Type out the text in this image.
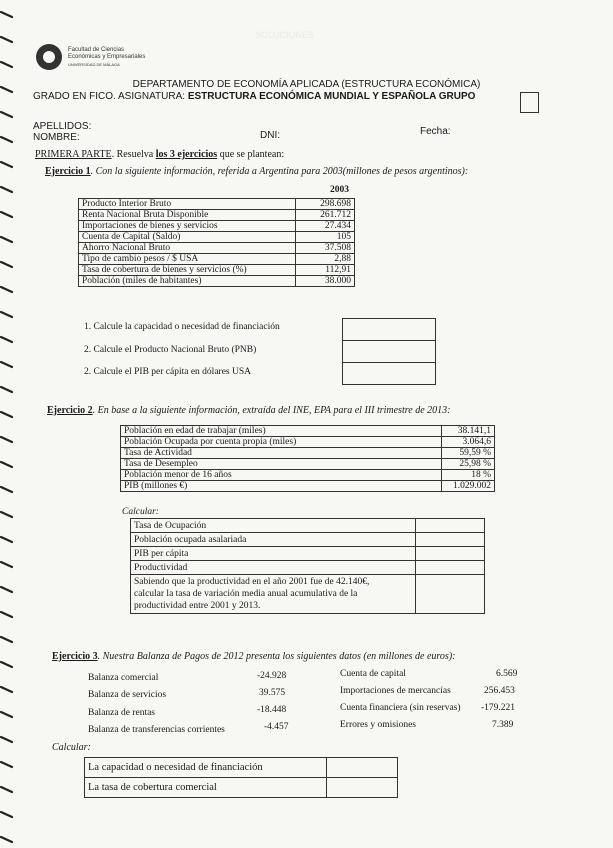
SOLUCIONES
Facultad de Ciencias
Económicas y Empresariales
UNIVERSIDAD DE MÁLAGA
DEPARTAMENTO DE ECONOMÍA APLICADA (ESTRUCTURA ECONÓMICA)
GRADO EN FICO. ASIGNATURA: ESTRUCTURA ECONÓMICA MUNDIAL Y ESPAÑOLA GRUPO
APELLIDOS:
NOMBRE:	DNI:	Fecha:
PRIMERA PARTE. Resuelva los 3 ejercicios que se plantean:
Ejercicio 1. Con la siguiente información, referida a Argentina para 2003(millones de pesos argentinos):
2003
Producto Interior Bruto	298.698
Renta Nacional Bruta Disponible	261.712
Importaciones de bienes y servicios	27.434
Cuenta de Capital (Saldo)	105
Ahorro Nacional Bruto	37.508
Tipo de cambio pesos / $ USA	2,88
Tasa de cobertura de bienes y servicios (%)	112,91
Población (miles de habitantes)	38.000
1. Calcule la capacidad o necesidad de financiación
2. Calcule el Producto Nacional Bruto (PNB)
2. Calcule el PIB per cápita en dólares USA
Ejercicio 2. En base a la siguiente información, extraída del INE, EPA para el III trimestre de 2013:
Población en edad de trabajar (miles)	38.141,1
Población Ocupada por cuenta propia (miles)	3.064,6
Tasa de Actividad	59,59 %
Tasa de Desempleo	25,98 %
Población menor de 16 años	18 %
PIB (millones €)	1.029.002
Calcular:
Tasa de Ocupación	
Población ocupada asalariada	
PIB per cápita	
Productividad	

Sabiendo que la productividad en el año 2001 fue de 42.140€,
calcular la tasa de variación media anual acumulativa de la
productividad entre 2001 y 2013.	

Ejercicio 3. Nuestra Balanza de Pagos de 2012 presenta los siguientes datos (en millones de euros):
Balanza comercial	-24.928
Balanza de servicios	39.575
Balanza de rentas	-18.448
Balanza de transferencias corrientes	-4.457
Cuenta de capital	6.569
Importaciones de mercancías	256.453
Cuenta financiera (sin reservas) -179.221
Errores y omisiones	7.389
Calcular:
La capacidad o necesidad de financiación	
La tasa de cobertura comercial	
